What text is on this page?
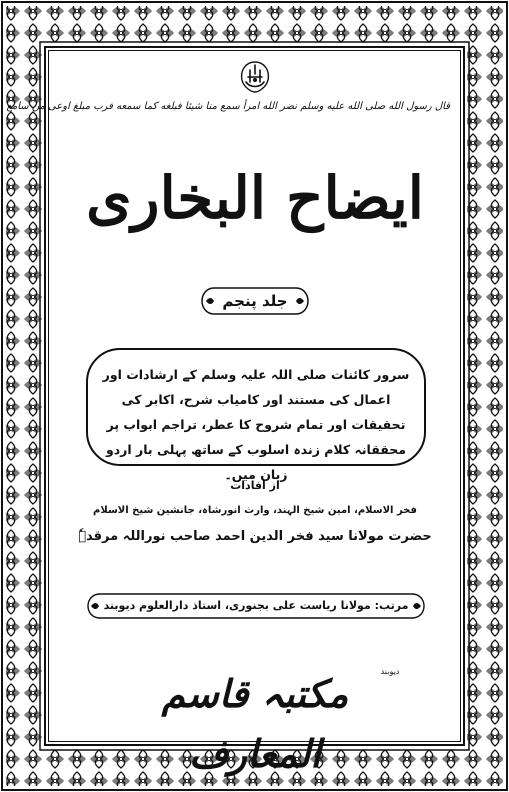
قال رسول الله صلى الله عليه وسلم نضر الله امرأ سمع منا شيئا فبلغه كما سمعه فرب مبلغ اوعى من سامع
ايضاح البخارى
جلد پنجم
سرور کائنات صلی اللہ علیہ وسلم کے ارشادات اور اعمال کی مستند اور کامیاب شرح، اکابر کی تحقیقات اور تمام شروح کا عطر، تراجم ابواب پر محققانہ کلام زندہ اسلوب کے ساتھ پہلی بار اردو زبان میں۔
از افادات
فخر الاسلام، امین شیخ الہند، وارث انورشاہ، جانشین شیخ الاسلام
حضرت مولانا سید فخر الدین احمد صاحب نوراللہ مرقدہٗ
مرتب: مولانا ریاست علی بجنوری، استاذ دارالعلوم دیوبند
مکتبہ قاسم المعارف
دیوبند
